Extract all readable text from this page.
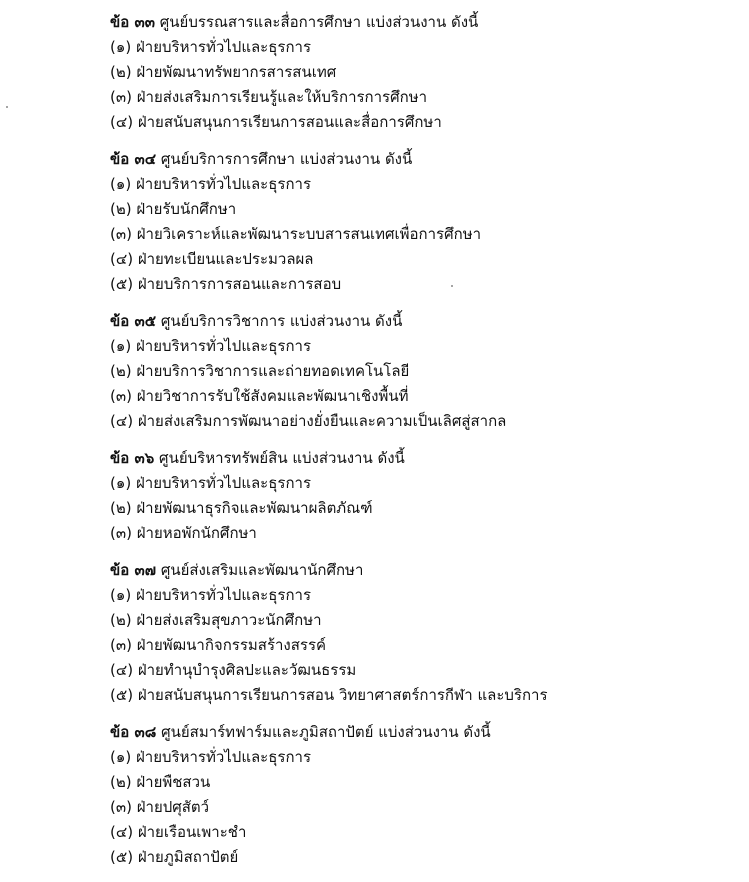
ข้อ ๓๓ ศูนย์บรรณสารและสื่อการศึกษา แบ่งส่วนงาน ดังนี้
(๑) ฝ่ายบริหารทั่วไปและธุรการ
(๒) ฝ่ายพัฒนาทรัพยากรสารสนเทศ
(๓) ฝ่ายส่งเสริมการเรียนรู้และให้บริการการศึกษา
(๔) ฝ่ายสนับสนุนการเรียนการสอนและสื่อการศึกษา
ข้อ ๓๔ ศูนย์บริการการศึกษา แบ่งส่วนงาน ดังนี้
(๑) ฝ่ายบริหารทั่วไปและธุรการ
(๒) ฝ่ายรับนักศึกษา
(๓) ฝ่ายวิเคราะห์และพัฒนาระบบสารสนเทศเพื่อการศึกษา
(๔) ฝ่ายทะเบียนและประมวลผล
(๕) ฝ่ายบริการการสอนและการสอบ
ข้อ ๓๕ ศูนย์บริการวิชาการ แบ่งส่วนงาน ดังนี้
(๑) ฝ่ายบริหารทั่วไปและธุรการ
(๒) ฝ่ายบริการวิชาการและถ่ายทอดเทคโนโลยี
(๓) ฝ่ายวิชาการรับใช้สังคมและพัฒนาเชิงพื้นที่
(๔) ฝ่ายส่งเสริมการพัฒนาอย่างยั่งยืนและความเป็นเลิศสู่สากล
ข้อ ๓๖ ศูนย์บริหารทรัพย์สิน แบ่งส่วนงาน ดังนี้
(๑) ฝ่ายบริหารทั่วไปและธุรการ
(๒) ฝ่ายพัฒนาธุรกิจและพัฒนาผลิตภัณฑ์
(๓) ฝ่ายหอพักนักศึกษา
ข้อ ๓๗ ศูนย์ส่งเสริมและพัฒนานักศึกษา
(๑) ฝ่ายบริหารทั่วไปและธุรการ
(๒) ฝ่ายส่งเสริมสุขภาวะนักศึกษา
(๓) ฝ่ายพัฒนากิจกรรมสร้างสรรค์
(๔) ฝ่ายทำนุบำรุงศิลปะและวัฒนธรรม
(๕) ฝ่ายสนับสนุนการเรียนการสอน วิทยาศาสตร์การกีฬา และบริการ
ข้อ ๓๘ ศูนย์สมาร์ทฟาร์มและภูมิสถาปัตย์ แบ่งส่วนงาน ดังนี้
(๑) ฝ่ายบริหารทั่วไปและธุรการ
(๒) ฝ่ายพืชสวน
(๓) ฝ่ายปศุสัตว์
(๔) ฝ่ายเรือนเพาะชำ
(๕) ฝ่ายภูมิสถาปัตย์
